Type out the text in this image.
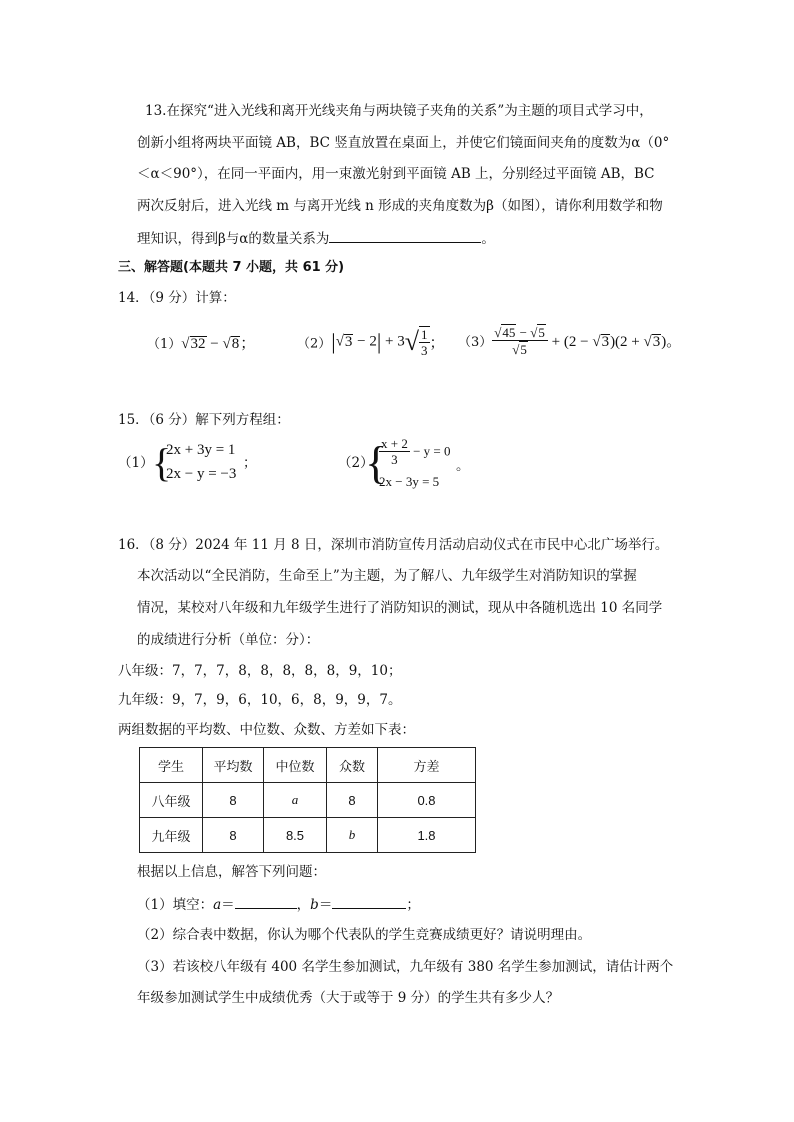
13.在探究“进入光线和离开光线夹角与两块镜子夹角的关系”为主题的项目式学习中，
创新小组将两块平面镜 AB，BC 竖直放置在桌面上，并使它们镜面间夹角的度数为α（0°
＜α＜90°），在同一平面内，用一束激光射到平面镜 AB 上，分别经过平面镜 AB，BC
两次反射后，进入光线 m 与离开光线 n 形成的夹角度数为β（如图），请你利用数学和物
理知识，得到β与α的数量关系为	。
三、解答题(本题共 7 小题，共 61 分)
14．（9 分）计算：
（1）√32 − √8；	$(2)|√3 - 2| + 3√ \frac{1}{3}$ ； $(3) \frac{√45 - √5}{√5} + (2 - √3)(2 + √3)$。
15．（6 分）解下列方程组：
（1）
{
2x + 3y = 1
2x − y = −3
；	（2）
{
$\frac{x + 2}{3} - y = 0$
2x − 3y = 5
。
16．（8 分）2024 年 11 月 8 日，深圳市消防宣传月活动启动仪式在市民中心北广场举行。
本次活动以“全民消防，生命至上”为主题，为了解八、九年级学生对消防知识的掌握
情况，某校对八年级和九年级学生进行了消防知识的测试，现从中各随机选出 10 名同学
的成绩进行分析（单位：分）：
八年级：7，7，7，8，8，8，8，8，9，10；
九年级：9，7，9，6，10，6，8，9，9，7。
两组数据的平均数、中位数、众数、方差如下表：
学生	平均数	中位数	众数	方差
八年级	8	a	8	0.8
九年级	8	8.5	b	1.8
根据以上信息，解答下列问题：
（1）填空：a＝	，b＝	；
（2）综合表中数据，你认为哪个代表队的学生竞赛成绩更好？请说明理由。
（3）若该校八年级有 400 名学生参加测试，九年级有 380 名学生参加测试，请估计两个
年级参加测试学生中成绩优秀（大于或等于 9 分）的学生共有多少人？
